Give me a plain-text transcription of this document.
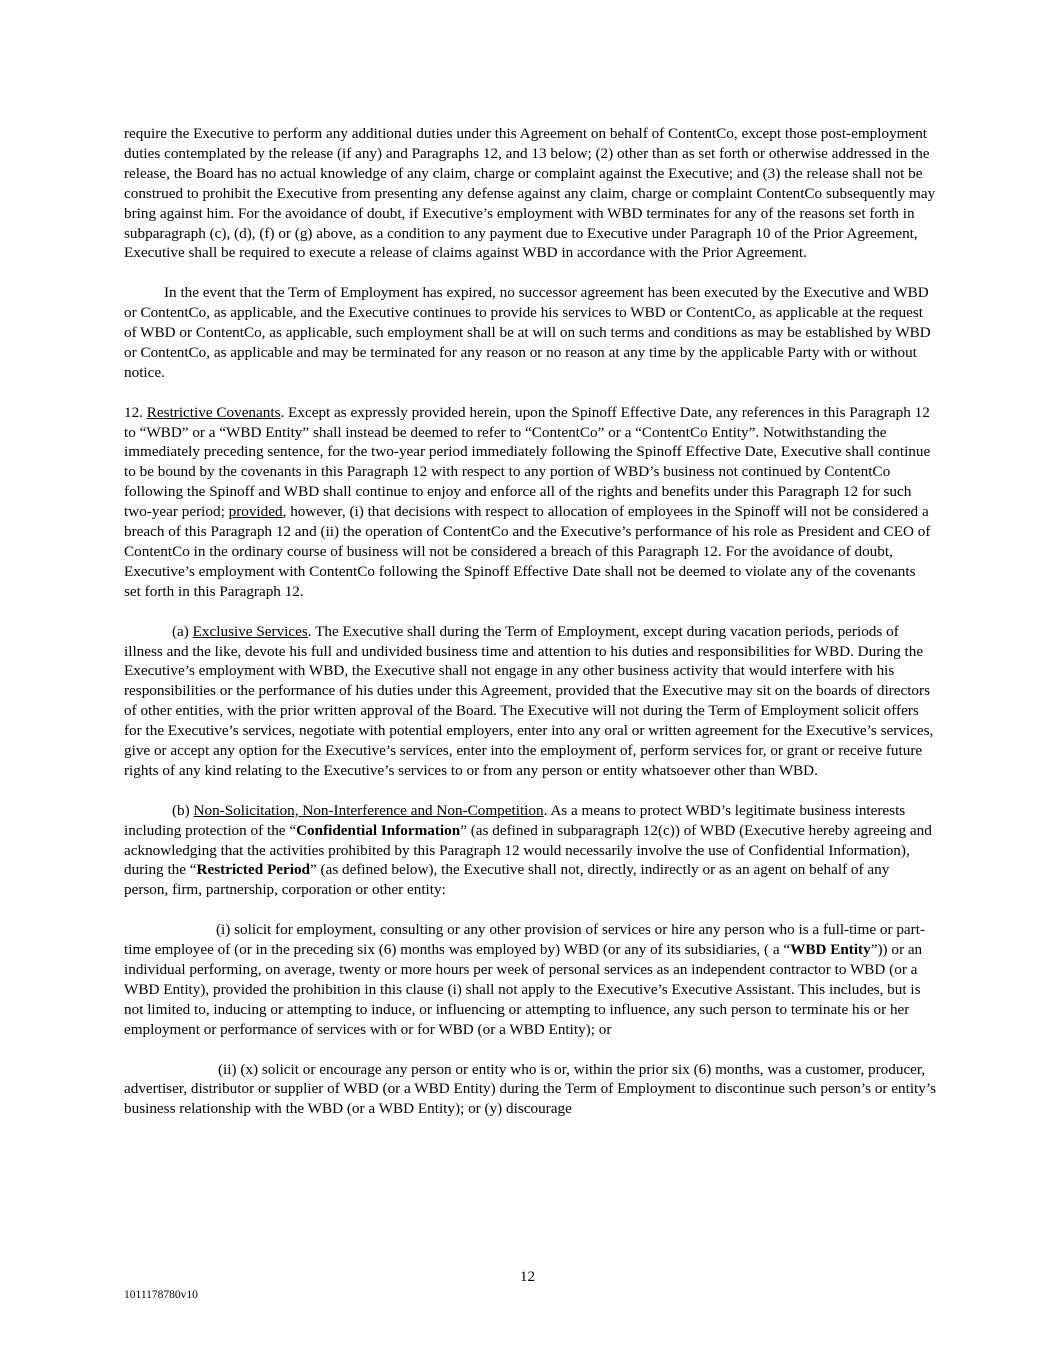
require the Executive to perform any additional duties under this Agreement on behalf of ContentCo, except those post-employment duties contemplated by the release (if any) and Paragraphs 12, and 13 below; (2) other than as set forth or otherwise addressed in the release, the Board has no actual knowledge of any claim, charge or complaint against the Executive; and (3) the release shall not be construed to prohibit the Executive from presenting any defense against any claim, charge or complaint ContentCo subsequently may bring against him. For the avoidance of doubt, if Executive’s employment with WBD terminates for any of the reasons set forth in subparagraph (c), (d), (f) or (g) above, as a condition to any payment due to Executive under Paragraph 10 of the Prior Agreement, Executive shall be required to execute a release of claims against WBD in accordance with the Prior Agreement.

In the event that the Term of Employment has expired, no successor agreement has been executed by the Executive and WBD or ContentCo, as applicable, and the Executive continues to provide his services to WBD or ContentCo, as applicable at the request of WBD or ContentCo, as applicable, such employment shall be at will on such terms and conditions as may be established by WBD or ContentCo, as applicable and may be terminated for any reason or no reason at any time by the applicable Party with or without notice.

12. Restrictive Covenants. Except as expressly provided herein, upon the Spinoff Effective Date, any references in this Paragraph 12 to “WBD” or a “WBD Entity” shall instead be deemed to refer to “ContentCo” or a “ContentCo Entity”. Notwithstanding the immediately preceding sentence, for the two-year period immediately following the Spinoff Effective Date, Executive shall continue to be bound by the covenants in this Paragraph 12 with respect to any portion of WBD’s business not continued by ContentCo following the Spinoff and WBD shall continue to enjoy and enforce all of the rights and benefits under this Paragraph 12 for such two-year period; provided, however, (i) that decisions with respect to allocation of employees in the Spinoff will not be considered a breach of this Paragraph 12 and (ii) the operation of ContentCo and the Executive’s performance of his role as President and CEO of ContentCo in the ordinary course of business will not be considered a breach of this Paragraph 12. For the avoidance of doubt, Executive’s employment with ContentCo following the Spinoff Effective Date shall not be deemed to violate any of the covenants set forth in this Paragraph 12.

(a) Exclusive Services. The Executive shall during the Term of Employment, except during vacation periods, periods of illness and the like, devote his full and undivided business time and attention to his duties and responsibilities for WBD. During the Executive’s employment with WBD, the Executive shall not engage in any other business activity that would interfere with his responsibilities or the performance of his duties under this Agreement, provided that the Executive may sit on the boards of directors of other entities, with the prior written approval of the Board. The Executive will not during the Term of Employment solicit offers for the Executive’s services, negotiate with potential employers, enter into any oral or written agreement for the Executive’s services, give or accept any option for the Executive’s services, enter into the employment of, perform services for, or grant or receive future rights of any kind relating to the Executive’s services to or from any person or entity whatsoever other than WBD.

(b) Non-Solicitation, Non-Interference and Non-Competition. As a means to protect WBD’s legitimate business interests including protection of the “Confidential Information” (as defined in subparagraph 12(c)) of WBD (Executive hereby agreeing and acknowledging that the activities prohibited by this Paragraph 12 would necessarily involve the use of Confidential Information), during the “Restricted Period” (as defined below), the Executive shall not, directly, indirectly or as an agent on behalf of any person, firm, partnership, corporation or other entity:

(i) solicit for employment, consulting or any other provision of services or hire any person who is a full-time or part-time employee of (or in the preceding six (6) months was employed by) WBD (or any of its subsidiaries, ( a “WBD Entity”)) or an individual performing, on average, twenty or more hours per week of personal services as an independent contractor to WBD (or a WBD Entity), provided the prohibition in this clause (i) shall not apply to the Executive’s Executive Assistant. This includes, but is not limited to, inducing or attempting to induce, or influencing or attempting to influence, any such person to terminate his or her employment or performance of services with or for WBD (or a WBD Entity); or

(ii) (x) solicit or encourage any person or entity who is or, within the prior six (6) months, was a customer, producer, advertiser, distributor or supplier of WBD (or a WBD Entity) during the Term of Employment to discontinue such person’s or entity’s business relationship with the WBD (or a WBD Entity); or (y) discourage

12
1011178780v10
